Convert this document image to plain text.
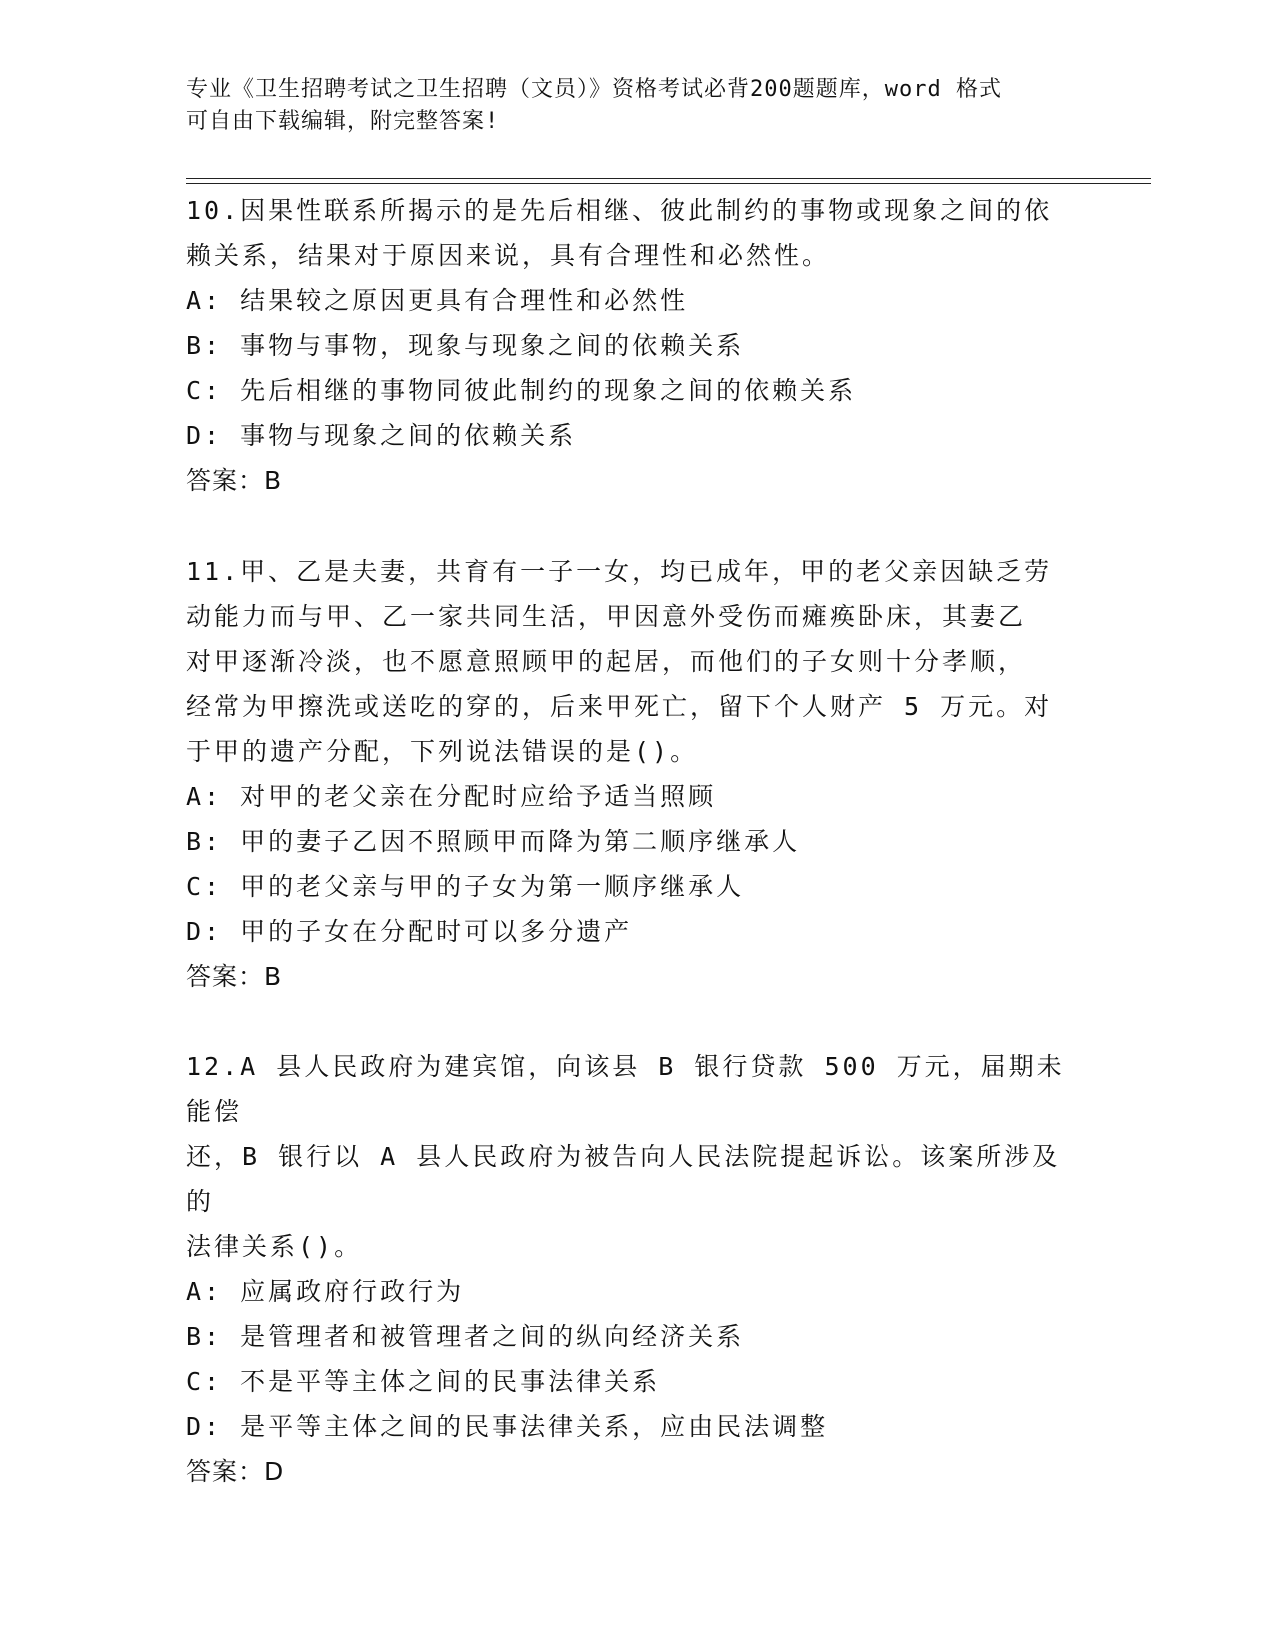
专业《卫生招聘考试之卫生招聘（文员）》资格考试必背200题题库，word 格式
可自由下载编辑，附完整答案!

10.因果性联系所揭示的是先后相继、彼此制约的事物或现象之间的依

赖关系，结果对于原因来说，具有合理性和必然性。

A: 结果较之原因更具有合理性和必然性

B: 事物与事物，现象与现象之间的依赖关系

C: 先后相继的事物同彼此制约的现象之间的依赖关系

D: 事物与现象之间的依赖关系

答案：B

11.甲、乙是夫妻，共育有一子一女，均已成年，甲的老父亲因缺乏劳

动能力而与甲、乙一家共同生活，甲因意外受伤而瘫痪卧床，其妻乙

对甲逐渐冷淡，也不愿意照顾甲的起居，而他们的子女则十分孝顺，

经常为甲擦洗或送吃的穿的，后来甲死亡，留下个人财产 5 万元。对

于甲的遗产分配，下列说法错误的是()。

A: 对甲的老父亲在分配时应给予适当照顾

B: 甲的妻子乙因不照顾甲而降为第二顺序继承人

C: 甲的老父亲与甲的子女为第一顺序继承人

D: 甲的子女在分配时可以多分遗产

答案：B

12.A 县人民政府为建宾馆，向该县 B 银行贷款 500 万元，届期未能偿

还，B 银行以 A 县人民政府为被告向人民法院提起诉讼。该案所涉及的

法律关系()。

A: 应属政府行政行为

B: 是管理者和被管理者之间的纵向经济关系

C: 不是平等主体之间的民事法律关系

D: 是平等主体之间的民事法律关系，应由民法调整

答案：D
